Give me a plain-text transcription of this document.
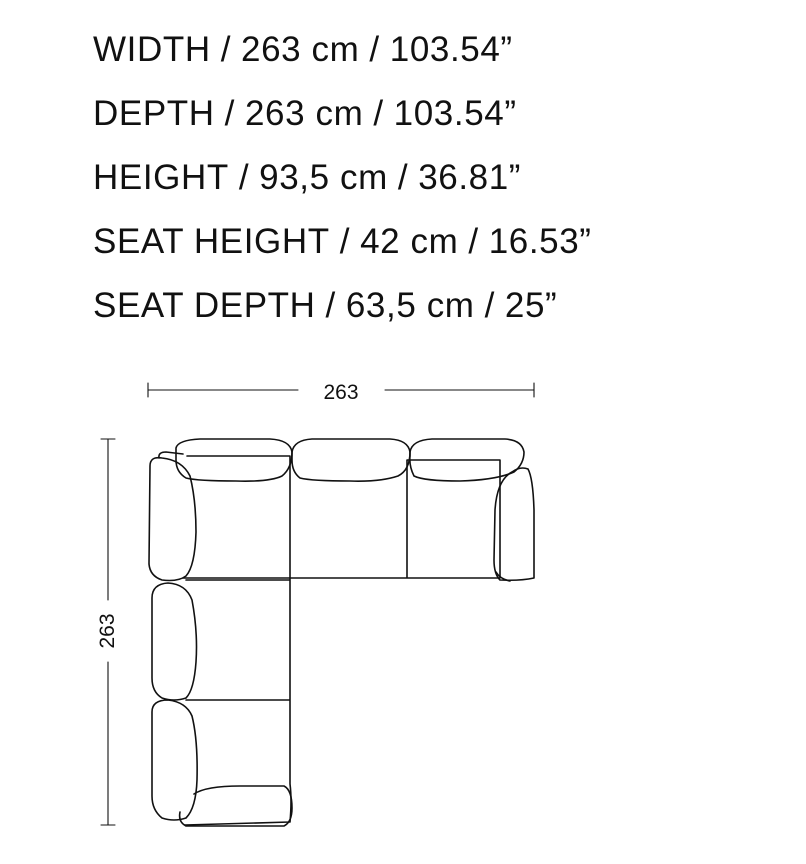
WIDTH / 263 cm / 103.54”
DEPTH / 263 cm / 103.54”
HEIGHT / 93,5 cm / 36.81”
SEAT HEIGHT / 42 cm / 16.53”
SEAT DEPTH / 63,5 cm / 25”
263
263
